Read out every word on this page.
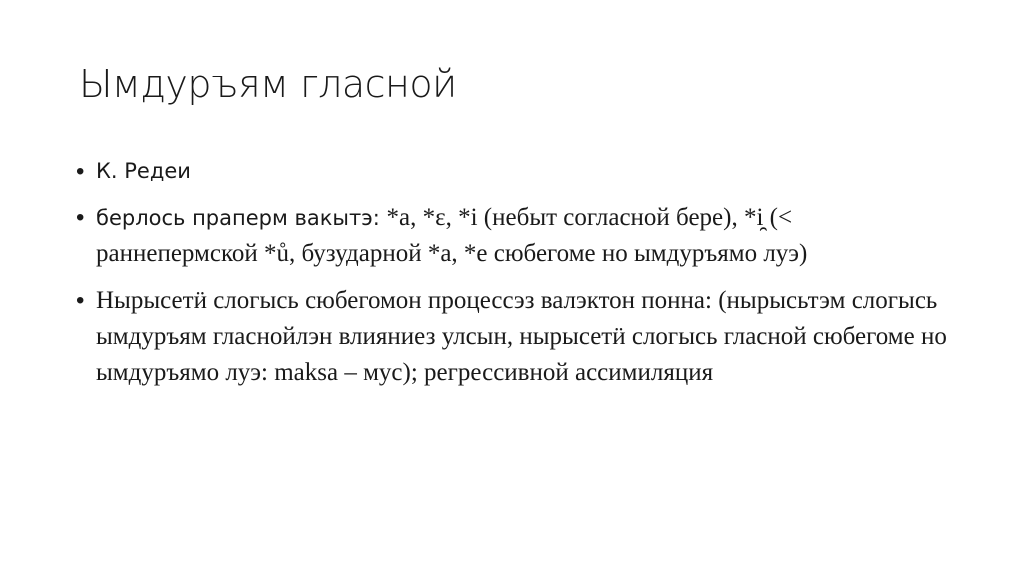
Ымдуръям гласной
• К. Редеи
• берлось праперм вакытэ: *a, *ɛ, *i (небыт согласной бере), *i̯ (< раннепермской *ů, бузударной *a, *e сюбегоме но ымдуръямо луэ)
• Нырысетӥ слогысь сюбегомон процессэз валэктон понна: (нырысьтэм слогысь ымдуръям гласнойлэн влияниез улсын, нырысетӥ слогысь гласной сюбегоме но ымдуръямо луэ: maksa – мус); регрессивной ассимиляция
